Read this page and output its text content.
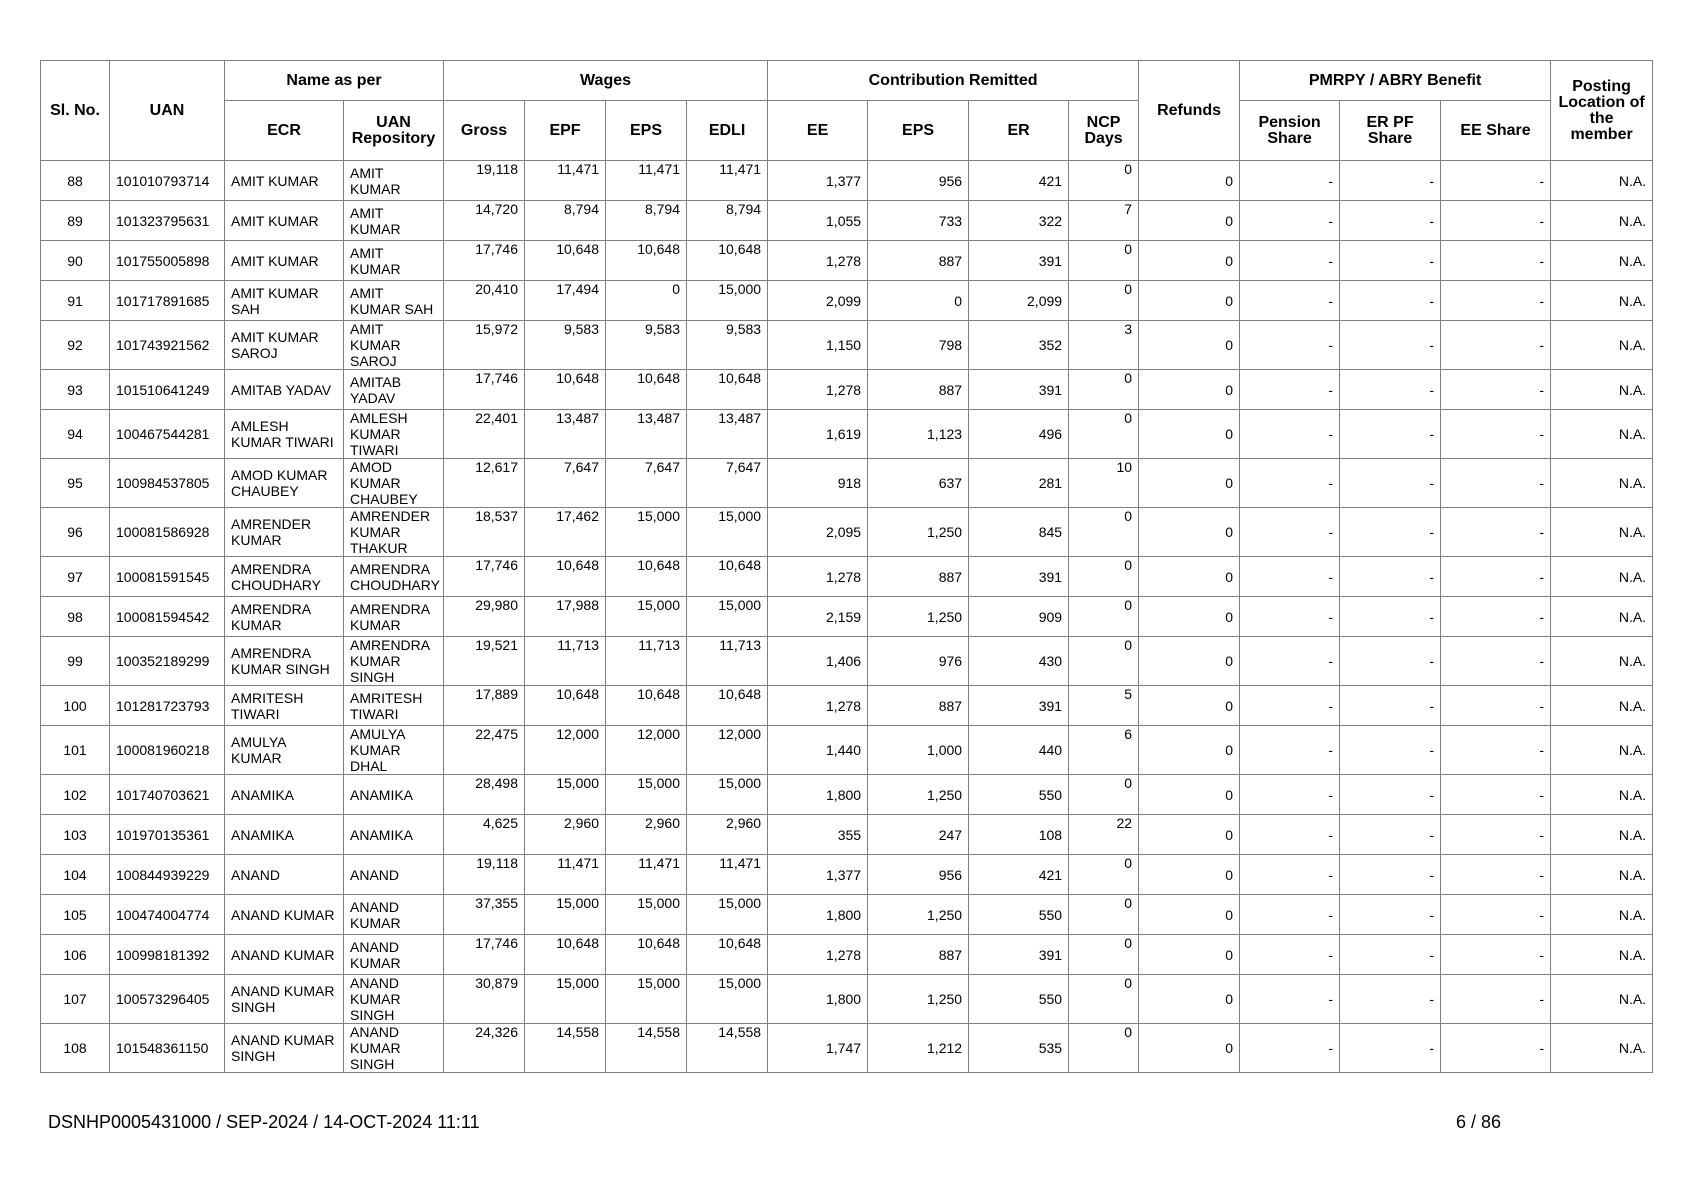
Sl. No.	UAN	Name as per		Wages				Contribution Remitted				Refunds	PMRPY / ABRY Benefit			Posting Location of the member
		ECR	UAN Repository	Gross	EPF	EPS	EDLI	EE	EPS	ER	NCP Days		Pension Share	ER PF Share	EE Share	
88	101010793714	AMIT KUMAR	AMIT KUMAR	19,118	11,471	11,471	11,471	1,377	956	421	0	0	-	-	-	N.A.
89	101323795631	AMIT KUMAR	AMIT KUMAR	14,720	8,794	8,794	8,794	1,055	733	322	7	0	-	-	-	N.A.
90	101755005898	AMIT KUMAR	AMIT KUMAR	17,746	10,648	10,648	10,648	1,278	887	391	0	0	-	-	-	N.A.
91	101717891685	AMIT KUMAR SAH	AMIT KUMAR SAH	20,410	17,494	0	15,000	2,099	0	2,099	0	0	-	-	-	N.A.
92	101743921562	AMIT KUMAR SAROJ	AMIT KUMAR SAROJ	15,972	9,583	9,583	9,583	1,150	798	352	3	0	-	-	-	N.A.
93	101510641249	AMITAB YADAV	AMITAB YADAV	17,746	10,648	10,648	10,648	1,278	887	391	0	0	-	-	-	N.A.
94	100467544281	AMLESH KUMAR TIWARI	AMLESH KUMAR TIWARI	22,401	13,487	13,487	13,487	1,619	1,123	496	0	0	-	-	-	N.A.
95	100984537805	AMOD KUMAR CHAUBEY	AMOD KUMAR CHAUBEY	12,617	7,647	7,647	7,647	918	637	281	10	0	-	-	-	N.A.
96	100081586928	AMRENDER KUMAR	AMRENDER KUMAR THAKUR	18,537	17,462	15,000	15,000	2,095	1,250	845	0	0	-	-	-	N.A.
97	100081591545	AMRENDRA CHOUDHARY	AMRENDRA CHOUDHARY	17,746	10,648	10,648	10,648	1,278	887	391	0	0	-	-	-	N.A.
98	100081594542	AMRENDRA KUMAR	AMRENDRA KUMAR	29,980	17,988	15,000	15,000	2,159	1,250	909	0	0	-	-	-	N.A.
99	100352189299	AMRENDRA KUMAR SINGH	AMRENDRA KUMAR SINGH	19,521	11,713	11,713	11,713	1,406	976	430	0	0	-	-	-	N.A.
100	101281723793	AMRITESH TIWARI	AMRITESH TIWARI	17,889	10,648	10,648	10,648	1,278	887	391	5	0	-	-	-	N.A.
101	100081960218	AMULYA KUMAR	AMULYA KUMAR DHAL	22,475	12,000	12,000	12,000	1,440	1,000	440	6	0	-	-	-	N.A.
102	101740703621	ANAMIKA	ANAMIKA	28,498	15,000	15,000	15,000	1,800	1,250	550	0	0	-	-	-	N.A.
103	101970135361	ANAMIKA	ANAMIKA	4,625	2,960	2,960	2,960	355	247	108	22	0	-	-	-	N.A.
104	100844939229	ANAND	ANAND	19,118	11,471	11,471	11,471	1,377	956	421	0	0	-	-	-	N.A.
105	100474004774	ANAND KUMAR	ANAND KUMAR	37,355	15,000	15,000	15,000	1,800	1,250	550	0	0	-	-	-	N.A.
106	100998181392	ANAND KUMAR	ANAND KUMAR	17,746	10,648	10,648	10,648	1,278	887	391	0	0	-	-	-	N.A.
107	100573296405	ANAND KUMAR SINGH	ANAND KUMAR SINGH	30,879	15,000	15,000	15,000	1,800	1,250	550	0	0	-	-	-	N.A.
108	101548361150	ANAND KUMAR SINGH	ANAND KUMAR SINGH	24,326	14,558	14,558	14,558	1,747	1,212	535	0	0	-	-	-	N.A.
DSNHP0005431000 / SEP-2024 / 14-OCT-2024 11:11	6 / 86
